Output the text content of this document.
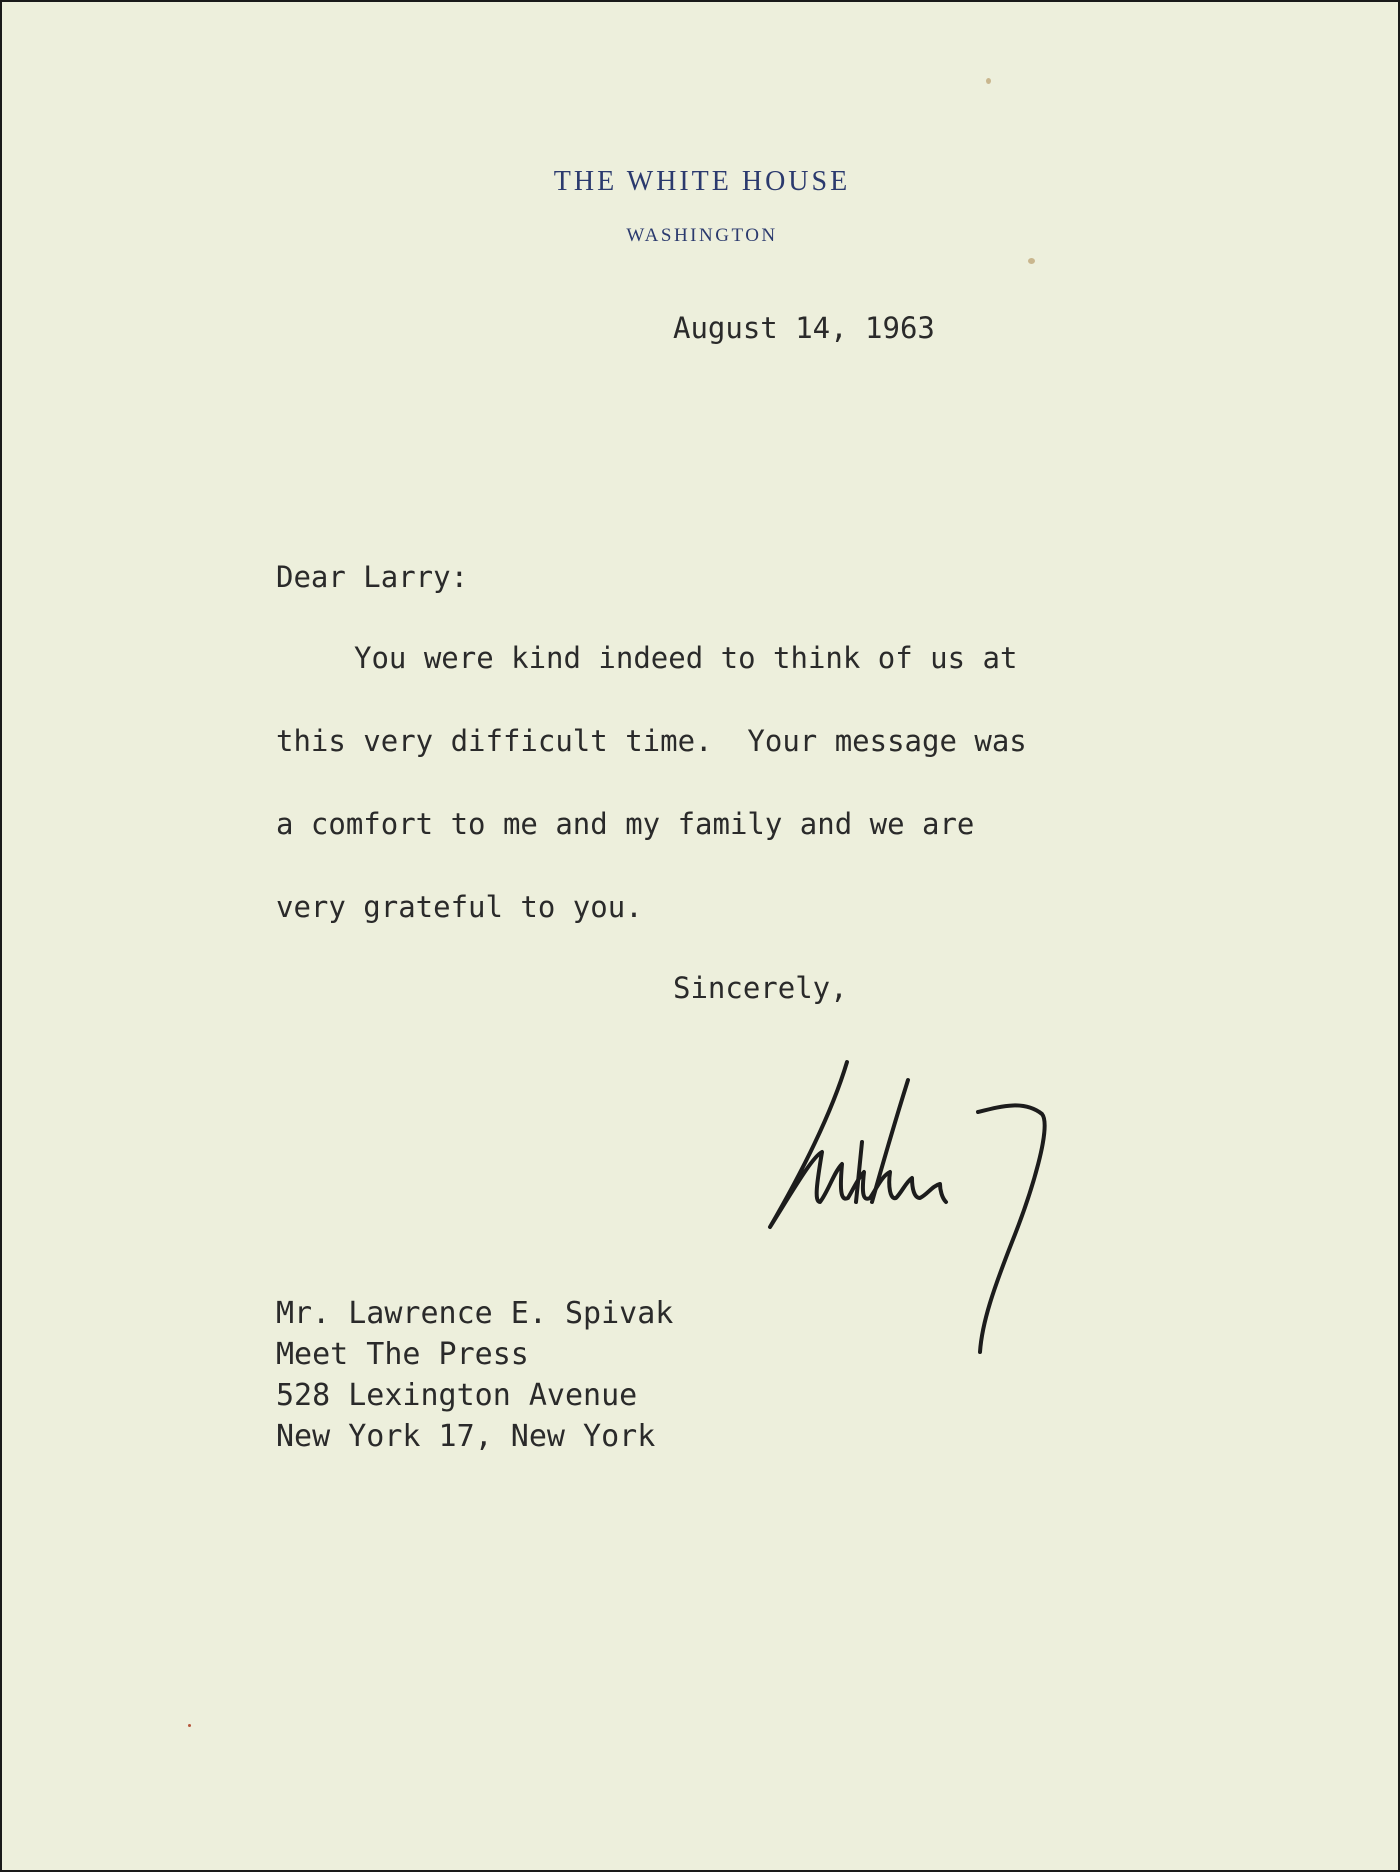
THE WHITE HOUSE
WASHINGTON
August 14, 1963
Dear Larry:
You were kind indeed to think of us at
this very difficult time.  Your message was
a comfort to me and my family and we are
very grateful to you.
Sincerely,
Mr. Lawrence E. Spivak
Meet The Press
528 Lexington Avenue
New York 17, New York
